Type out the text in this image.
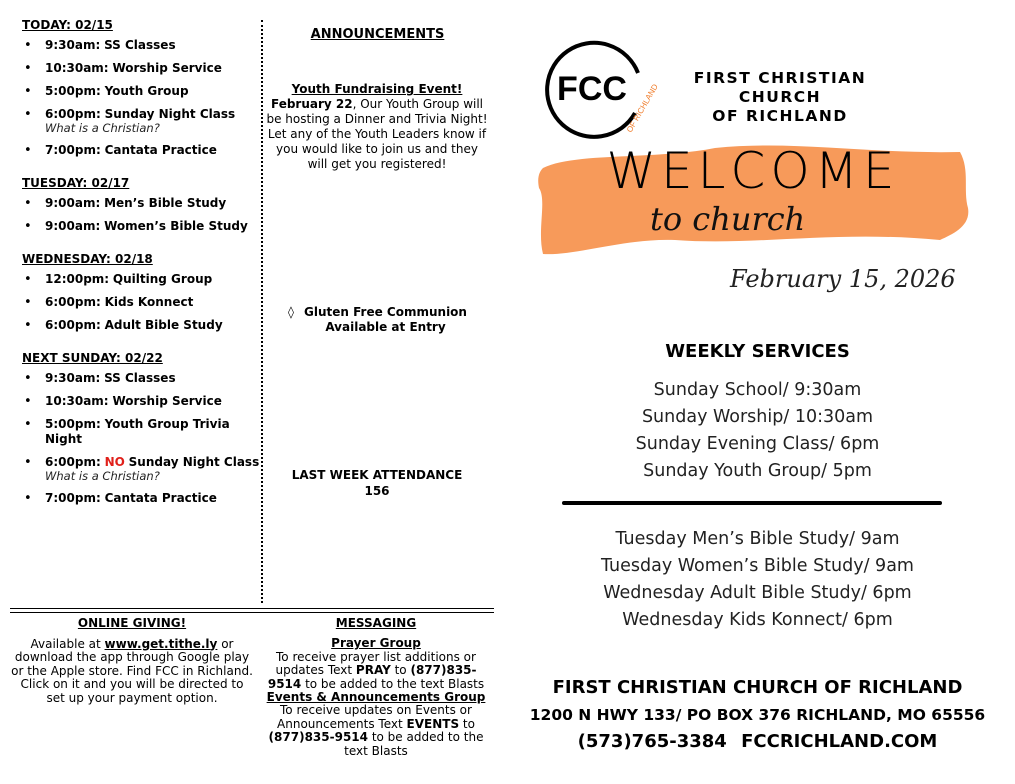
TODAY: 02/15
• 9:30am: SS Classes
• 10:30am: Worship Service
• 5:00pm: Youth Group
• 6:00pm: Sunday Night Class
What is a Christian?
• 7:00pm: Cantata Practice
TUESDAY: 02/17
• 9:00am: Men’s Bible Study
• 9:00am: Women’s Bible Study
WEDNESDAY: 02/18
• 12:00pm: Quilting Group
• 6:00pm: Kids Konnect
• 6:00pm: Adult Bible Study
NEXT SUNDAY: 02/22
• 9:30am: SS Classes
• 10:30am: Worship Service
• 5:00pm: Youth Group Trivia Night
• 6:00pm: NO Sunday Night Class
What is a Christian?
• 7:00pm: Cantata Practice
ANNOUNCEMENTS
Youth Fundraising Event!
February 22, Our Youth Group will be hosting a Dinner and Trivia Night! Let any of the Youth Leaders know if you would like to join us and they will get you registered!
◊ Gluten Free Communion
Available at Entry
LAST WEEK ATTENDANCE
156
ONLINE GIVING!
Available at www.get.tithe.ly or download the app through Google play or the Apple store. Find FCC in Richland. Click on it and you will be directed to set up your payment option.
MESSAGING
Prayer Group
To receive prayer list additions or updates Text PRAY to (877)835-9514 to be added to the text Blasts
Events & Announcements Group
To receive updates on Events or Announcements Text EVENTS to (877)835-9514 to be added to the text Blasts
FCC
OF RICHLAND
FIRST CHRISTIAN CHURCH
OF RICHLAND
WELCOME
to church
February 15, 2026
WEEKLY SERVICES
Sunday School/ 9:30am
Sunday Worship/ 10:30am
Sunday Evening Class/ 6pm
Sunday Youth Group/ 5pm
Tuesday Men’s Bible Study/ 9am
Tuesday Women’s Bible Study/ 9am
Wednesday Adult Bible Study/ 6pm
Wednesday Kids Konnect/ 6pm
FIRST CHRISTIAN CHURCH OF RICHLAND
1200 N HWY 133/ PO BOX 376 RICHLAND, MO 65556
(573)765-3384 FCCRICHLAND.COM
